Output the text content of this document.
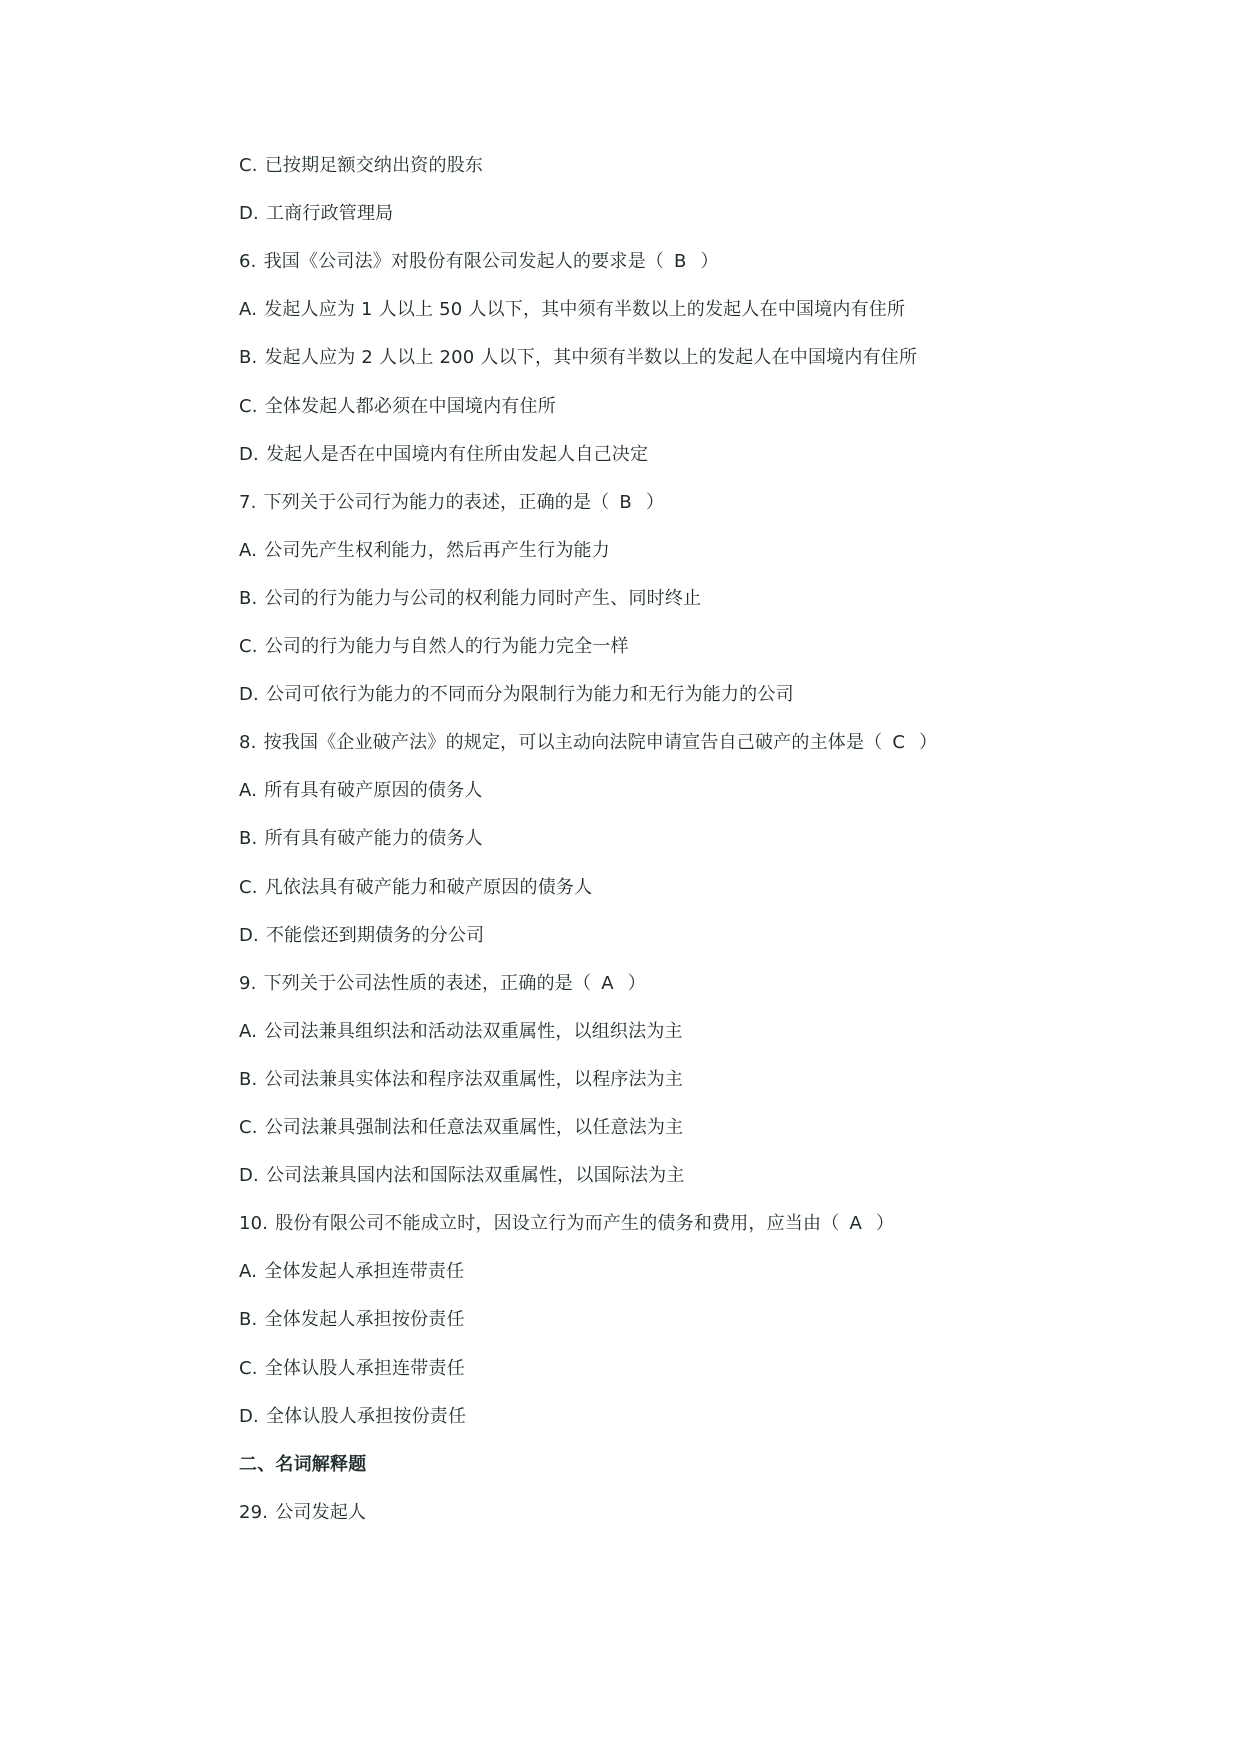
C. 已按期足额交纳出资的股东
D. 工商行政管理局
6. 我国《公司法》对股份有限公司发起人的要求是（ B ）
A. 发起人应为 1 人以上 50 人以下，其中须有半数以上的发起人在中国境内有住所
B. 发起人应为 2 人以上 200 人以下，其中须有半数以上的发起人在中国境内有住所
C. 全体发起人都必须在中国境内有住所
D. 发起人是否在中国境内有住所由发起人自己决定
7. 下列关于公司行为能力的表述，正确的是（ B ）
A. 公司先产生权利能力，然后再产生行为能力
B. 公司的行为能力与公司的权利能力同时产生、同时终止
C. 公司的行为能力与自然人的行为能力完全一样
D. 公司可依行为能力的不同而分为限制行为能力和无行为能力的公司
8. 按我国《企业破产法》的规定，可以主动向法院申请宣告自己破产的主体是（ C ）
A. 所有具有破产原因的债务人
B. 所有具有破产能力的债务人
C. 凡依法具有破产能力和破产原因的债务人
D. 不能偿还到期债务的分公司
9. 下列关于公司法性质的表述，正确的是（ A ）
A. 公司法兼具组织法和活动法双重属性，以组织法为主
B. 公司法兼具实体法和程序法双重属性，以程序法为主
C. 公司法兼具强制法和任意法双重属性，以任意法为主
D. 公司法兼具国内法和国际法双重属性，以国际法为主
10. 股份有限公司不能成立时，因设立行为而产生的债务和费用，应当由（ A ）
A. 全体发起人承担连带责任
B. 全体发起人承担按份责任
C. 全体认股人承担连带责任
D. 全体认股人承担按份责任
二、名词解释题
29. 公司发起人
